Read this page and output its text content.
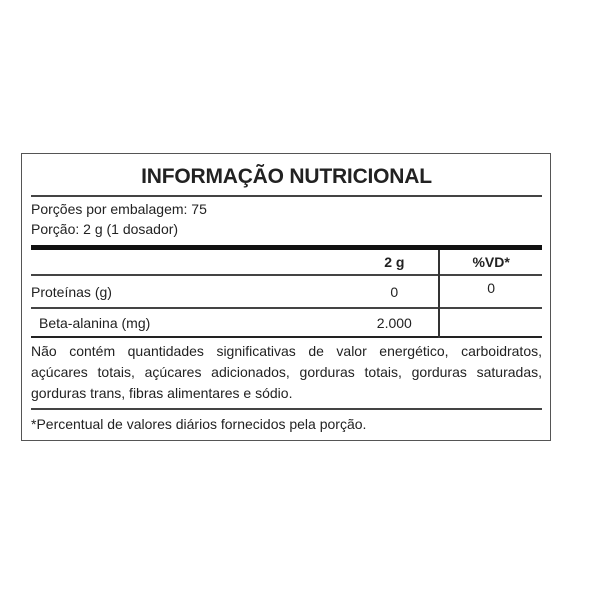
INFORMAÇÃO NUTRICIONAL
Porções por embalagem: 75
Porção: 2 g (1 dosador)
	2 g	%VD*
Proteínas (g)	0	0
Beta-alanina (mg)	2.000	
Não contém quantidades significativas de valor energético, carboidratos, açúcares totais, açúcares adicionados, gorduras totais, gorduras saturadas, gorduras trans, fibras alimentares e sódio.
*Percentual de valores diários fornecidos pela porção.
